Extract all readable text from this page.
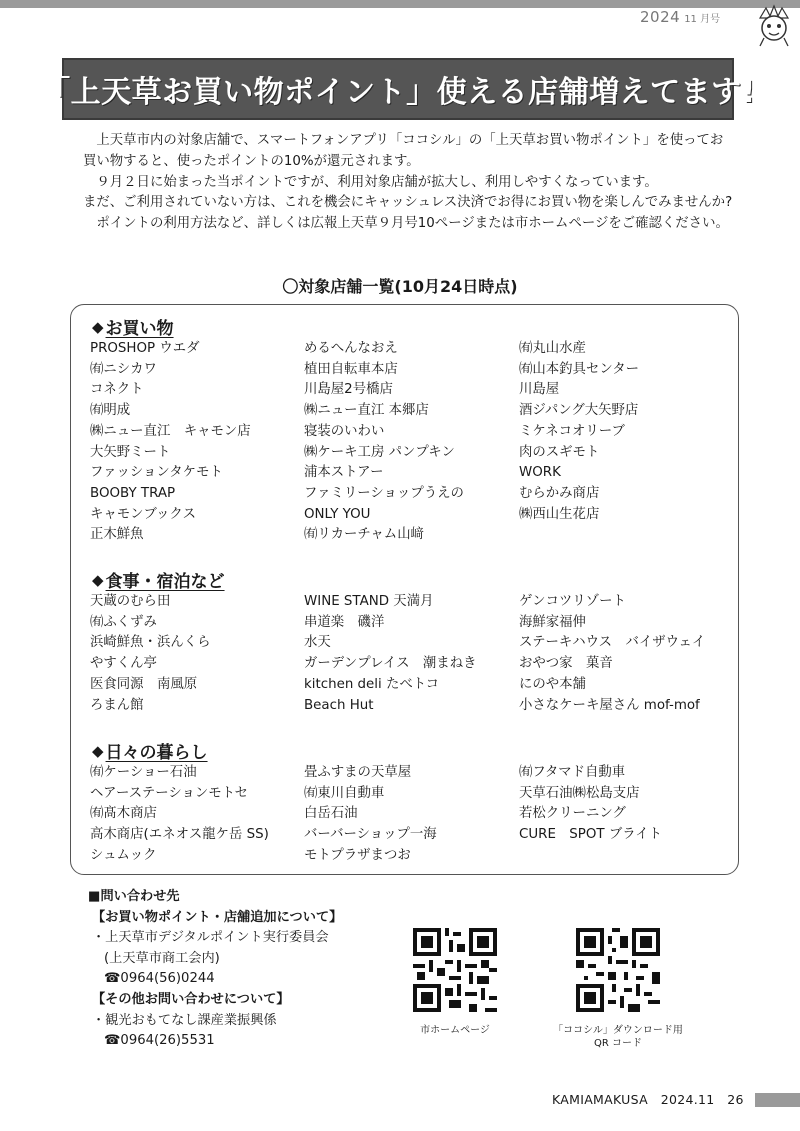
2024 11 月号
「上天草お買い物ポイント」使える店舗増えてます!

上天草市内の対象店舗で、スマートフォンアプリ「ココシル」の「上天草お買い物ポイント」を使ってお買い物すると、使ったポイントの10%が還元されます。

９月２日に始まった当ポイントですが、利用対象店舗が拡大し、利用しやすくなっています。

まだ、ご利用されていない方は、これを機会にキャッシュレス決済でお得にお買い物を楽しんでみませんか?

ポイントの利用方法など、詳しくは広報上天草９月号10ページまたは市ホームページをご確認ください。

〇対象店舗一覧(10月24日時点)
◆ お買い物
PROSHOP ウエダ
㈲ニシカワ
コネクト
㈲明成
㈱ニュー直江　キャモン店
大矢野ミート
ファッションタケモト
BOOBY TRAP
キャモンブックス
正木鮮魚
めるへんなおえ
植田自転車本店
川島屋2号橋店
㈱ニュー直江 本郷店
寝装のいわい
㈱ケーキ工房 パンプキン
浦本ストアー
ファミリーショップうえの
ONLY YOU
㈲リカーチャム山﨑
㈲丸山水産
㈲山本釣具センター
川島屋
酒ジパング大矢野店
ミケネコオリーブ
肉のスギモト
WORK
むらかみ商店
㈱西山生花店
◆ 食事・宿泊など
天蔵のむら田
㈲ふくずみ
浜崎鮮魚・浜んくら
やすくん亭
医食同源　南風原
ろまん館
WINE STAND 天満月
串道楽　磯洋
水天
ガーデンプレイス　潮まねき
kitchen deli たべトコ
Beach Hut
ゲンコツリゾート
海鮮家福伸
ステーキハウス　バイザウェイ
おやつ家　菓音
にのや本舗
小さなケーキ屋さん mof-mof
◆ 日々の暮らし
㈲ケーショー石油
ヘアーステーションモトセ
㈲髙木商店
高木商店(エネオス龍ケ岳 SS)
シュムック
畳ふすまの天草屋
㈲東川自動車
白岳石油
バーバーショップ一海
モトプラザまつお
㈲フタマド自動車
天草石油㈱松島支店
若松クリーニング
CURE　SPOT ブライト
■問い合わせ先
【お買い物ポイント・店舗追加について】
・上天草市デジタルポイント実行委員会
(上天草市商工会内)
☎0964(56)0244
【その他お問い合わせについて】
・観光おもてなし課産業振興係
☎0964(26)5531
市ホームページ	「ココシル」ダウンロード用
QR コード
KAMIAMAKUSA　2024.11　26
